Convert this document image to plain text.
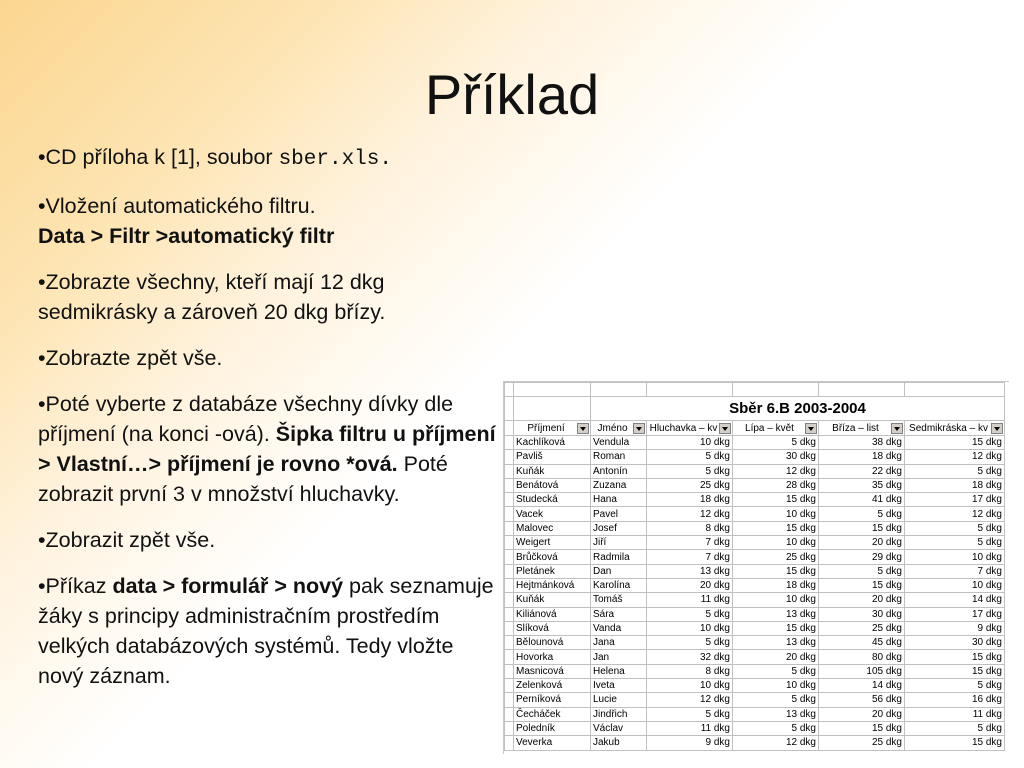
Příklad

•CD příloha k [1], soubor sber.xls.

•Vložení automatického filtru.
Data > Filtr >automatický filtr

•Zobrazte všechny, kteří mají 12 dkg sedmikrásky a zároveň 20 dkg břízy.

•Zobrazte zpět vše.

•Poté vyberte z databáze všechny dívky dle příjmení (na konci -ová). Šipka filtru u příjmení > Vlastní…> příjmení je rovno *ová. Poté zobrazit první 3 v množství hluchavky.

•Zobrazit zpět vše.

•Příkaz data > formulář > nový pak seznamuje žáky s principy administračním prostředím velkých databázových systémů. Tedy vložte nový záznam.

		Sběr 6.B 2003-2004				

	Příjmení	Jméno	Hluchavka – kv	Lípa – květ	Bříza – list	Sedmikráska – kv

	Kachlíková	Vendula	10 dkg	5 dkg	38 dkg	15 dkg
	Pavliš	Roman	5 dkg	30 dkg	18 dkg	12 dkg
	Kuňák	Antonín	5 dkg	12 dkg	22 dkg	5 dkg
	Benátová	Zuzana	25 dkg	28 dkg	35 dkg	18 dkg
	Studecká	Hana	18 dkg	15 dkg	41 dkg	17 dkg
	Vacek	Pavel	12 dkg	10 dkg	5 dkg	12 dkg
	Malovec	Josef	8 dkg	15 dkg	15 dkg	5 dkg
	Weigert	Jiří	7 dkg	10 dkg	20 dkg	5 dkg
	Brůčková	Radmila	7 dkg	25 dkg	29 dkg	10 dkg
	Pletánek	Dan	13 dkg	15 dkg	5 dkg	7 dkg
	Hejtmánková	Karolína	20 dkg	18 dkg	15 dkg	10 dkg
	Kuňák	Tomáš	11 dkg	10 dkg	20 dkg	14 dkg
	Kiliánová	Sára	5 dkg	13 dkg	30 dkg	17 dkg
	Slíková	Vanda	10 dkg	15 dkg	25 dkg	9 dkg
	Bělounová	Jana	5 dkg	13 dkg	45 dkg	30 dkg
	Hovorka	Jan	32 dkg	20 dkg	80 dkg	15 dkg
	Masnicová	Helena	8 dkg	5 dkg	105 dkg	15 dkg
	Zelenková	Iveta	10 dkg	10 dkg	14 dkg	5 dkg
	Perníková	Lucie	12 dkg	5 dkg	56 dkg	16 dkg
	Čecháček	Jindřich	5 dkg	13 dkg	20 dkg	11 dkg
	Poledník	Václav	11 dkg	5 dkg	15 dkg	5 dkg
	Veverka	Jakub	9 dkg	12 dkg	25 dkg	15 dkg
